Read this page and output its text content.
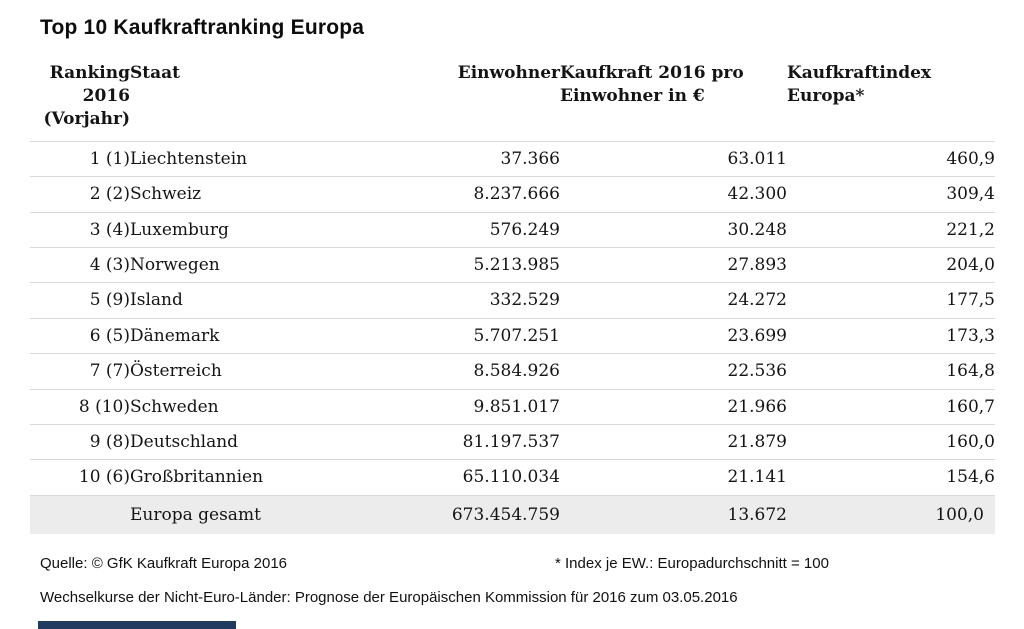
Top 10 Kaufkraftranking Europa
Ranking 2016 (Vorjahr)	Staat	Einwohner	Kaufkraft 2016 pro Einwohner in €	Kaufkraftindex Europa*
1 (1)	Liechtenstein	37.366	63.011	460,9
2 (2)	Schweiz	8.237.666	42.300	309,4
3 (4)	Luxemburg	576.249	30.248	221,2
4 (3)	Norwegen	5.213.985	27.893	204,0
5 (9)	Island	332.529	24.272	177,5
6 (5)	Dänemark	5.707.251	23.699	173,3
7 (7)	Österreich	8.584.926	22.536	164,8
8 (10)	Schweden	9.851.017	21.966	160,7
9 (8)	Deutschland	81.197.537	21.879	160,0
10 (6)	Großbritannien	65.110.034	21.141	154,6
	Europa gesamt	673.454.759	13.672	100,0
Quelle: © GfK Kaufkraft Europa 2016	* Index je EW.: Europadurchschnitt = 100
Wechselkurse der Nicht-Euro-Länder: Prognose der Europäischen Kommission für 2016 zum 03.05.2016
